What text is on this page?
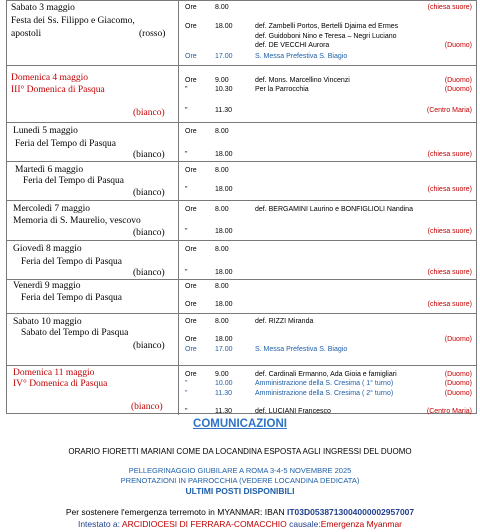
Sabato 3 maggio
Festa dei Ss. Filippo e Giacomo,
apostoli	(rosso)
Ore	8.00	(chiesa suore)
Ore	18.00	def. Zambelli Portos, Bertelli Djaima ed Ermes
def. Guidoboni Nino e Teresa – Negri Luciano
def. DE VECCHI Aurora	(Duomo)
Ore	17.00	S. Messa Prefestiva S. Biagio
Domenica 4 maggio
III° Domenica di Pasqua
(bianco)
Ore	9.00	def. Mons. Marcellino Vincenzi	(Duomo)
"	10.30	Per la Parrocchia	(Duomo)
"	11.30	(Centro Maria)
Lunedì 5 maggio
Feria del Tempo di Pasqua
(bianco)
Ore	8.00
"	18.00	(chiesa suore)
Martedì 6 maggio
Feria del Tempo di Pasqua
(bianco)
Ore	8.00
"	18.00	(chiesa suore)
Mercoledì 7 maggio
Memoria di S. Maurelio, vescovo
(bianco)
Ore	8.00	def. BERGAMINI Laurino e BONFIGLIOLI Nandina
"	18.00	(chiesa suore)
Giovedì 8 maggio
Feria del Tempo di Pasqua
(bianco)
Ore	8.00
"	18.00	(chiesa suore)
Venerdì 9 maggio
Feria del Tempo di Pasqua
Ore	8.00
Ore	18.00	(chiesa suore)
Sabato 10 maggio
Sabato del Tempo di Pasqua
(bianco)
Ore	8.00	def. RIZZI Miranda
Ore	18.00	(Duomo)
Ore	17.00	S. Messa Prefestiva S. Biagio
Domenica 11 maggio
IV° Domenica di Pasqua
(bianco)
Ore	9.00	def. Cardinali Ermanno, Ada Gioia e famigliari	(Duomo)
"	10.00	Amministrazione della S. Cresima ( 1° turno)	(Duomo)
"	11.30	Amministrazione della S. Cresima ( 2° turno)	(Duomo)
"	11.30	def. LUCIANI Francesco	(Centro Maria)
COMUNICAZIONI
ORARIO FIORETTI MARIANI COME DA LOCANDINA ESPOSTA AGLI INGRESSI DEL DUOMO
PELLEGRINAGGIO GIUBILARE A ROMA 3-4-5 NOVEMBRE 2025
PRENOTAZIONI IN PARROCCHIA (VEDERE LOCANDINA DEDICATA)
ULTIMI POSTI DISPONIBILI
Per sostenere l'emergenza terremoto in MYANMAR: IBAN IT03D0538713004000002957007
Intestato a: ARCIDIOCESI DI FERRARA-COMACCHIO causale:Emergenza Myanmar
